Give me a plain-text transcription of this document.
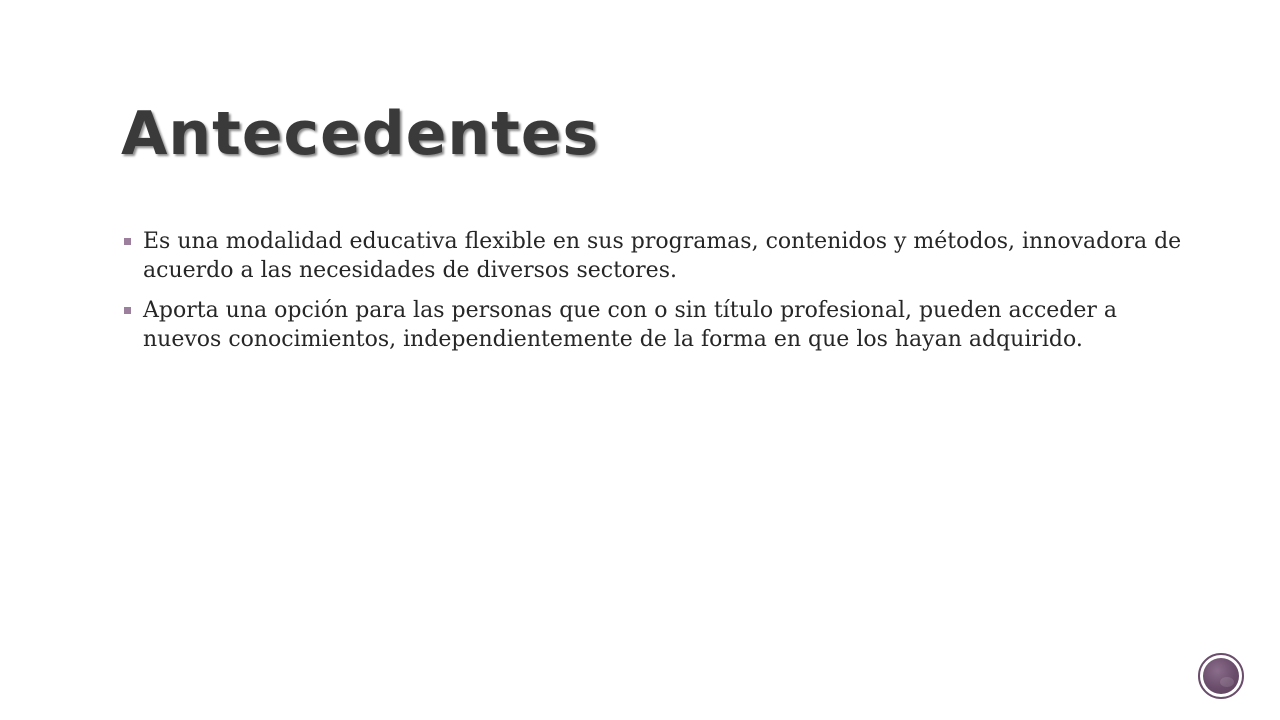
Antecedentes
Es una modalidad educativa flexible en sus programas, contenidos y métodos, innovadora de acuerdo a las necesidades de diversos sectores.
Aporta una opción para las personas que con o sin título profesional, pueden acceder a nuevos conocimientos, independientemente de la forma en que los hayan adquirido.
